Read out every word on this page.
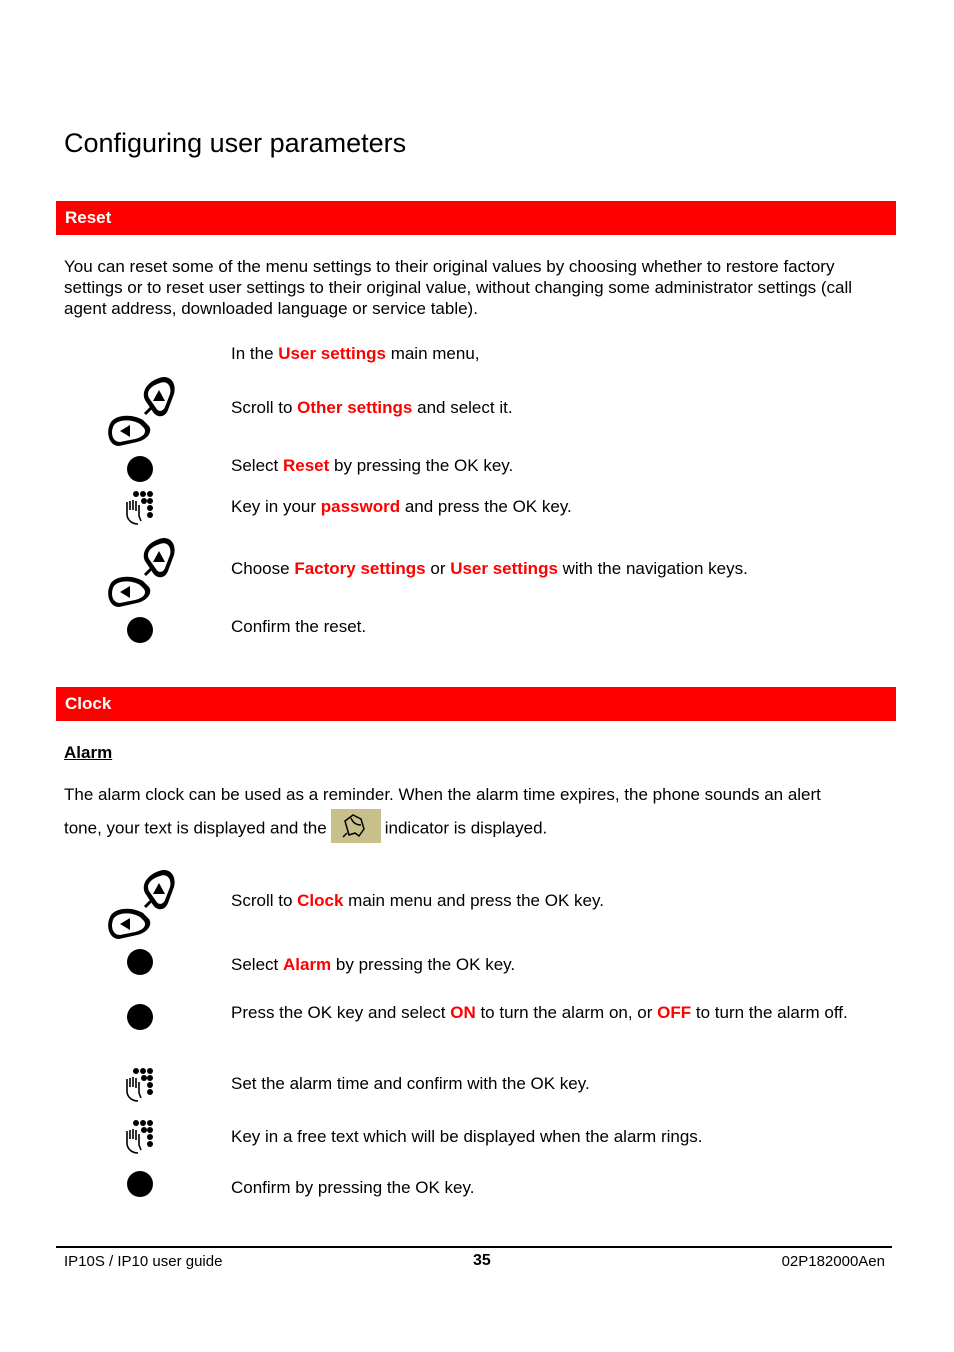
Configuring user parameters
Reset
You can reset some of the menu settings to their original values by choosing whether to restore factory settings or to reset user settings to their original value, without changing some administrator settings (call agent address, downloaded language or service table).
In the User settings main menu,
Scroll to Other settings and select it.
Select Reset by pressing the OK key.
Key in your password and press the OK key.
Choose Factory settings or User settings with the navigation keys.
Confirm the reset.
Clock
Alarm
The alarm clock can be used as a reminder. When the alarm time expires, the phone sounds an alert
tone, your text is displayed and the	indicator is displayed.
Scroll to Clock main menu and press the OK key.
Select Alarm by pressing the OK key.
Press the OK key and select ON to turn the alarm on, or OFF to turn the alarm off.
Set the alarm time and confirm with the OK key.
Key in a free text which will be displayed when the alarm rings.
Confirm by pressing the OK key.
IP10S / IP10 user guide	35	02P182000Aen
